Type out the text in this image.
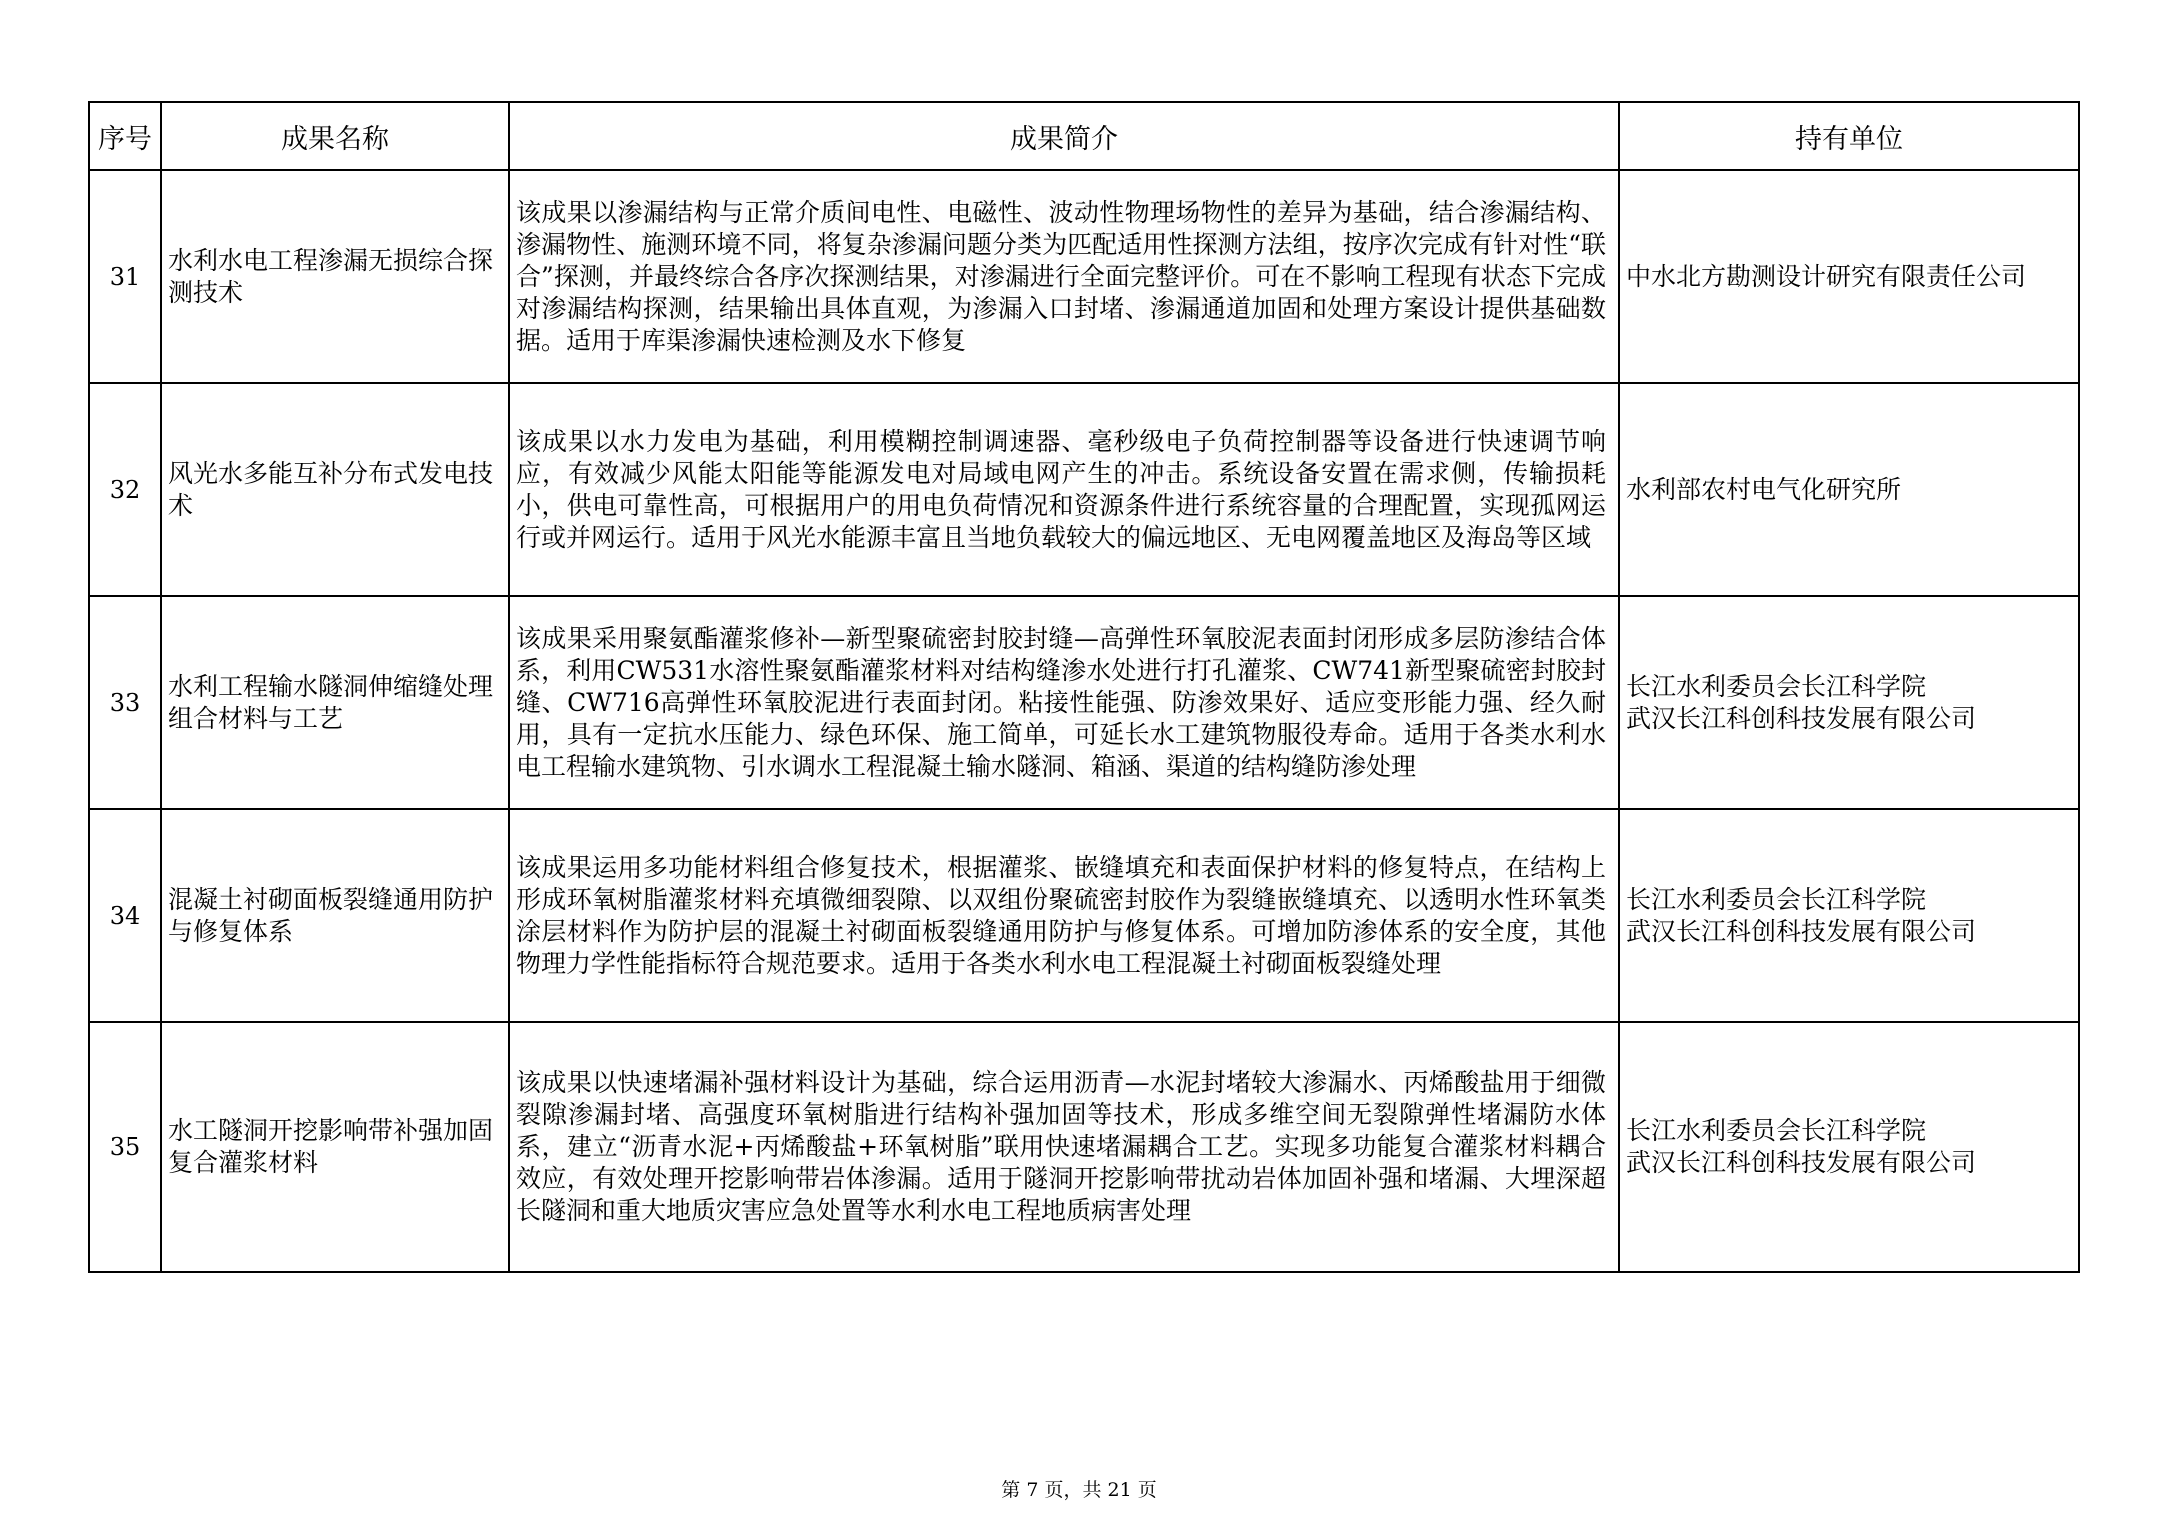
序号	成果名称	成果简介	持有单位
31	水利水电工程渗漏无损综合探测技术	该成果以渗漏结构与正常介质间电性、电磁性、波动性物理场物性的差异为基础，结合渗漏结构、渗漏物性、施测环境不同，将复杂渗漏问题分类为匹配适用性探测方法组，按序次完成有针对性“联合”探测，并最终综合各序次探测结果，对渗漏进行全面完整评价。可在不影响工程现有状态下完成对渗漏结构探测，结果输出具体直观，为渗漏入口封堵、渗漏通道加固和处理方案设计提供基础数据。适用于库渠渗漏快速检测及水下修复	中水北方勘测设计研究有限责任公司

32	风光水多能互补分布式发电技术	该成果以水力发电为基础，利用模糊控制调速器、毫秒级电子负荷控制器等设备进行快速调节响应，有效减少风能太阳能等能源发电对局域电网产生的冲击。系统设备安置在需求侧，传输损耗小，供电可靠性高，可根据用户的用电负荷情况和资源条件进行系统容量的合理配置，实现孤网运行或并网运行。适用于风光水能源丰富且当地负载较大的偏远地区、无电网覆盖地区及海岛等区域	水利部农村电气化研究所

33	水利工程输水隧洞伸缩缝处理组合材料与工艺	该成果采用聚氨酯灌浆修补—新型聚硫密封胶封缝—高弹性环氧胶泥表面封闭形成多层防渗结合体系，利用CW531水溶性聚氨酯灌浆材料对结构缝渗水处进行打孔灌浆、CW741新型聚硫密封胶封缝、CW716高弹性环氧胶泥进行表面封闭。粘接性能强、防渗效果好、适应变形能力强、经久耐用，具有一定抗水压能力、绿色环保、施工简单，可延长水工建筑物服役寿命。适用于各类水利水电工程输水建筑物、引水调水工程混凝土输水隧洞、箱涵、渠道的结构缝防渗处理	长江水利委员会长江科学院
武汉长江科创科技发展有限公司

34	混凝土衬砌面板裂缝通用防护与修复体系	该成果运用多功能材料组合修复技术，根据灌浆、嵌缝填充和表面保护材料的修复特点，在结构上形成环氧树脂灌浆材料充填微细裂隙、以双组份聚硫密封胶作为裂缝嵌缝填充、以透明水性环氧类涂层材料作为防护层的混凝土衬砌面板裂缝通用防护与修复体系。可增加防渗体系的安全度，其他物理力学性能指标符合规范要求。适用于各类水利水电工程混凝土衬砌面板裂缝处理	长江水利委员会长江科学院
武汉长江科创科技发展有限公司

35	水工隧洞开挖影响带补强加固复合灌浆材料	该成果以快速堵漏补强材料设计为基础，综合运用沥青—水泥封堵较大渗漏水、丙烯酸盐用于细微裂隙渗漏封堵、高强度环氧树脂进行结构补强加固等技术，形成多维空间无裂隙弹性堵漏防水体系，建立“沥青水泥+丙烯酸盐+环氧树脂”联用快速堵漏耦合工艺。实现多功能复合灌浆材料耦合效应，有效处理开挖影响带岩体渗漏。适用于隧洞开挖影响带扰动岩体加固补强和堵漏、大埋深超长隧洞和重大地质灾害应急处置等水利水电工程地质病害处理	长江水利委员会长江科学院
武汉长江科创科技发展有限公司
第 7 页，共 21 页
